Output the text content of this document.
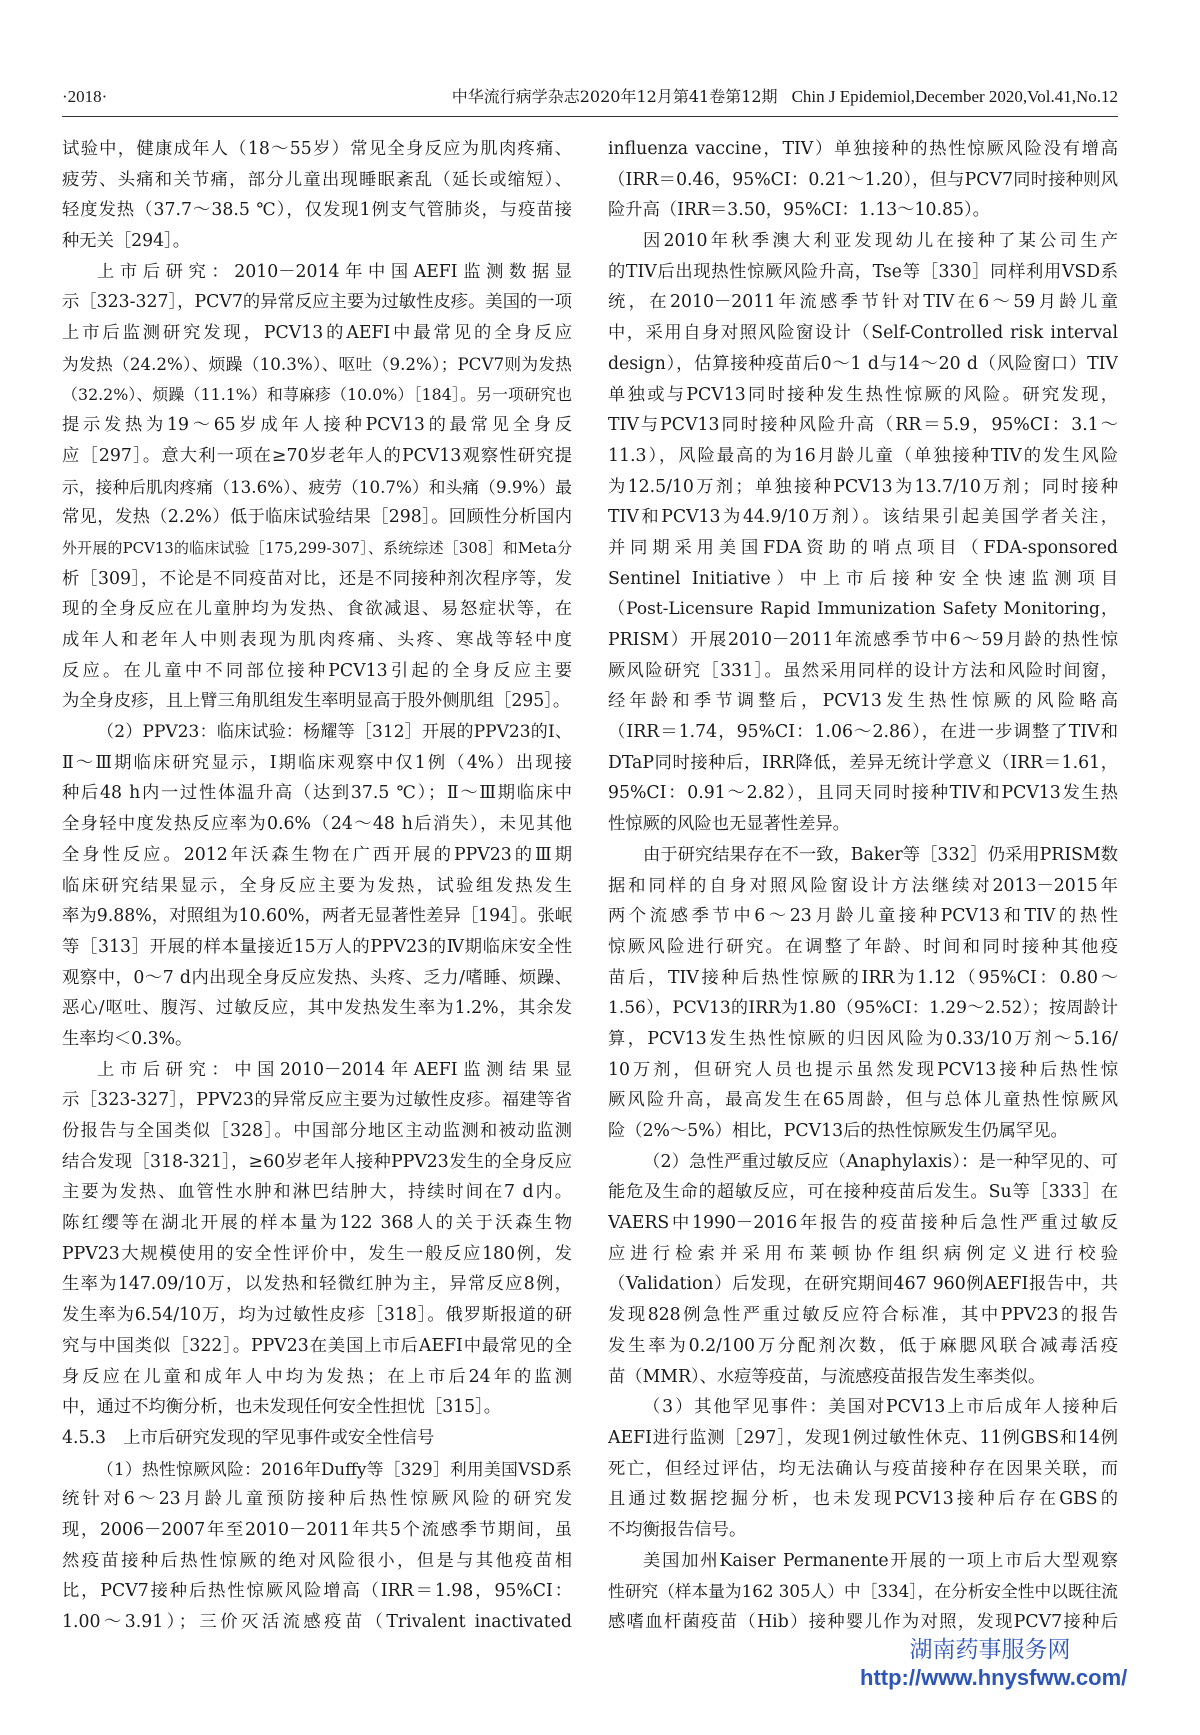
·2018·	中华流行病学杂志2020年12月第41卷第12期 Chin J Epidemiol,December 2020,Vol.41,No.12
试验中，健康成年人（18～55岁）常见全身反应为肌肉疼痛、
疲劳、头痛和关节痛，部分儿童出现睡眠紊乱（延长或缩短）、
轻度发热（37.7～38.5 ℃），仅发现1例支气管肺炎，与疫苗接
种无关［294］。
上市后研究：2010－2014年中国AEFI监测数据显
示［323-327］，PCV7的异常反应主要为过敏性皮疹。美国的一项
上市后监测研究发现，PCV13的AEFI中最常见的全身反应
为发热（24.2%）、烦躁（10.3%）、呕吐（9.2%）；PCV7则为发热
（32.2%）、烦躁（11.1%）和荨麻疹（10.0%）［184］。另一项研究也
提示发热为19～65岁成年人接种PCV13的最常见全身反
应［297］。意大利一项在≥70岁老年人的PCV13观察性研究提
示，接种后肌肉疼痛（13.6%）、疲劳（10.7%）和头痛（9.9%）最
常见，发热（2.2%）低于临床试验结果［298］。回顾性分析国内
外开展的PCV13的临床试验［175,299-307］、系统综述［308］和Meta分
析［309］，不论是不同疫苗对比，还是不同接种剂次程序等，发
现的全身反应在儿童肿均为发热、食欲减退、易怒症状等，在
成年人和老年人中则表现为肌肉疼痛、头疼、寒战等轻中度
反应。在儿童中不同部位接种PCV13引起的全身反应主要
为全身皮疹，且上臂三角肌组发生率明显高于股外侧肌组［295］。
（2）PPV23：临床试验：杨耀等［312］开展的PPV23的Ⅰ、
Ⅱ～Ⅲ期临床研究显示，Ⅰ期临床观察中仅1例（4%）出现接
种后48 h内一过性体温升高（达到37.5 ℃）；Ⅱ～Ⅲ期临床中
全身轻中度发热反应率为0.6%（24～48 h后消失），未见其他
全身性反应。2012年沃森生物在广西开展的PPV23的Ⅲ期
临床研究结果显示，全身反应主要为发热，试验组发热发生
率为9.88%，对照组为10.60%，两者无显著性差异［194］。张岷
等［313］开展的样本量接近15万人的PPV23的Ⅳ期临床安全性
观察中，0～7 d内出现全身反应发热、头疼、乏力/嗜睡、烦躁、
恶心/呕吐、腹泻、过敏反应，其中发热发生率为1.2%，其余发
生率均＜0.3%。
上市后研究：中国2010－2014年AEFI监测结果显
示［323-327］，PPV23的异常反应主要为过敏性皮疹。福建等省
份报告与全国类似［328］。中国部分地区主动监测和被动监测
结合发现［318-321］，≥60岁老年人接种PPV23发生的全身反应
主要为发热、血管性水肿和淋巴结肿大，持续时间在7 d内。
陈红缨等在湖北开展的样本量为122 368人的关于沃森生物
PPV23大规模使用的安全性评价中，发生一般反应180例，发
生率为147.09/10万，以发热和轻微红肿为主，异常反应8例，
发生率为6.54/10万，均为过敏性皮疹［318］。俄罗斯报道的研
究与中国类似［322］。PPV23在美国上市后AEFI中最常见的全
身反应在儿童和成年人中均为发热；在上市后24年的监测
中，通过不均衡分析，也未发现任何安全性担忧［315］。
4.5.3　上市后研究发现的罕见事件或安全性信号
（1）热性惊厥风险：2016年Duffy等［329］利用美国VSD系
统针对6～23月龄儿童预防接种后热性惊厥风险的研究发
现，2006－2007年至2010－2011年共5个流感季节期间，虽
然疫苗接种后热性惊厥的绝对风险很小，但是与其他疫苗相
比，PCV7接种后热性惊厥风险增高（IRR＝1.98，95%CI：
1.00～3.91）；三价灭活流感疫苗（Trivalent inactivated
influenza vaccine，TIV）单独接种的热性惊厥风险没有增高
（IRR＝0.46，95%CI：0.21～1.20），但与PCV7同时接种则风
险升高（IRR＝3.50，95%CI：1.13～10.85）。
因2010年秋季澳大利亚发现幼儿在接种了某公司生产
的TIV后出现热性惊厥风险升高，Tse等［330］同样利用VSD系
统，在2010－2011年流感季节针对TIV在6～59月龄儿童
中，采用自身对照风险窗设计（Self-Controlled risk interval
design），估算接种疫苗后0～1 d与14～20 d（风险窗口）TIV
单独或与PCV13同时接种发生热性惊厥的风险。研究发现，
TIV与PCV13同时接种风险升高（RR＝5.9，95%CI：3.1～
11.3），风险最高的为16月龄儿童（单独接种TIV的发生风险
为12.5/10万剂；单独接种PCV13为13.7/10万剂；同时接种
TIV和PCV13为44.9/10万剂）。该结果引起美国学者关注，
并同期采用美国FDA资助的哨点项目（FDA-sponsored
Sentinel Initiative）中上市后接种安全快速监测项目
（Post-Licensure Rapid Immunization Safety Monitoring，
PRISM）开展2010－2011年流感季节中6～59月龄的热性惊
厥风险研究［331］。虽然采用同样的设计方法和风险时间窗，
经年龄和季节调整后，PCV13发生热性惊厥的风险略高
（IRR＝1.74，95%CI：1.06～2.86），在进一步调整了TIV和
DTaP同时接种后，IRR降低，差异无统计学意义（IRR＝1.61，
95%CI：0.91～2.82），且同天同时接种TIV和PCV13发生热
性惊厥的风险也无显著性差异。
由于研究结果存在不一致，Baker等［332］仍采用PRISM数
据和同样的自身对照风险窗设计方法继续对2013－2015年
两个流感季节中6～23月龄儿童接种PCV13和TIV的热性
惊厥风险进行研究。在调整了年龄、时间和同时接种其他疫
苗后，TIV接种后热性惊厥的IRR为1.12（95%CI：0.80～
1.56），PCV13的IRR为1.80（95%CI：1.29～2.52）；按周龄计
算，PCV13发生热性惊厥的归因风险为0.33/10万剂～5.16/
10万剂，但研究人员也提示虽然发现PCV13接种后热性惊
厥风险升高，最高发生在65周龄，但与总体儿童热性惊厥风
险（2%～5%）相比，PCV13后的热性惊厥发生仍属罕见。
（2）急性严重过敏反应（Anaphylaxis）：是一种罕见的、可
能危及生命的超敏反应，可在接种疫苗后发生。Su等［333］在
VAERS中1990－2016年报告的疫苗接种后急性严重过敏反
应进行检索并采用布莱顿协作组织病例定义进行校验
（Validation）后发现，在研究期间467 960例AEFI报告中，共
发现828例急性严重过敏反应符合标准，其中PPV23的报告
发生率为0.2/100万分配剂次数，低于麻腮风联合减毒活疫
苗（MMR）、水痘等疫苗，与流感疫苗报告发生率类似。
（3）其他罕见事件：美国对PCV13上市后成年人接种后
AEFI进行监测［297］，发现1例过敏性休克、11例GBS和14例
死亡，但经过评估，均无法确认与疫苗接种存在因果关联，而
且通过数据挖掘分析，也未发现PCV13接种后存在GBS的
不均衡报告信号。
美国加州Kaiser Permanente开展的一项上市后大型观察
性研究（样本量为162 305人）中［334］，在分析安全性中以既往流
感嗜血杆菌疫苗（Hib）接种婴儿作为对照，发现PCV7接种后
湖南药事服务网
http://www.hnysfww.com/
